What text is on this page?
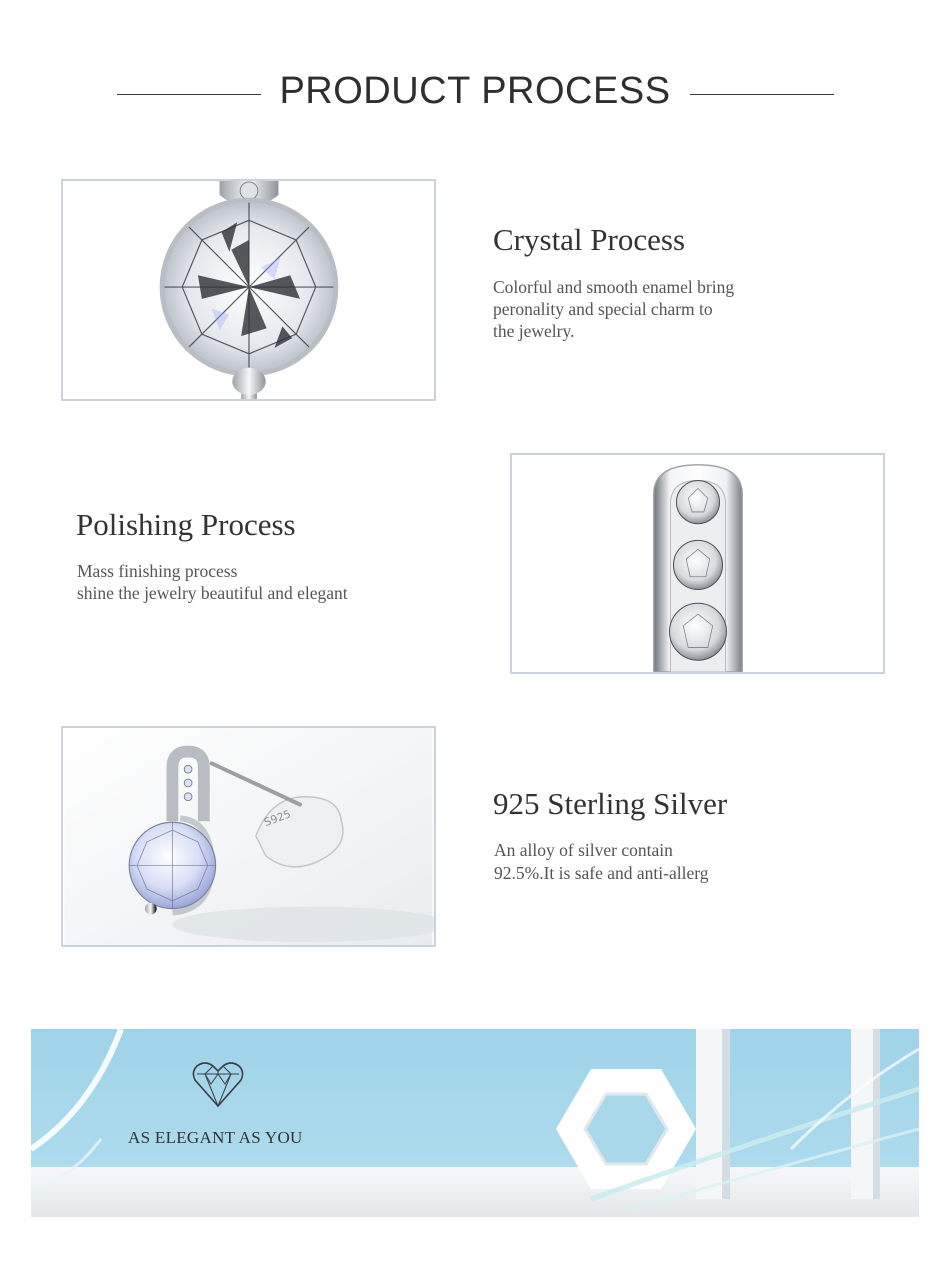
PRODUCT PROCESS
Crystal Process
Colorful and smooth enamel bring
peronality and special charm to
the jewelry.
Polishing Process
Mass finishing process
shine the jewelry beautiful and elegant
S925	925 Sterling Silver
An alloy of silver contain
92.5%.It is safe and anti-allerg
AS ELEGANT AS YOU
